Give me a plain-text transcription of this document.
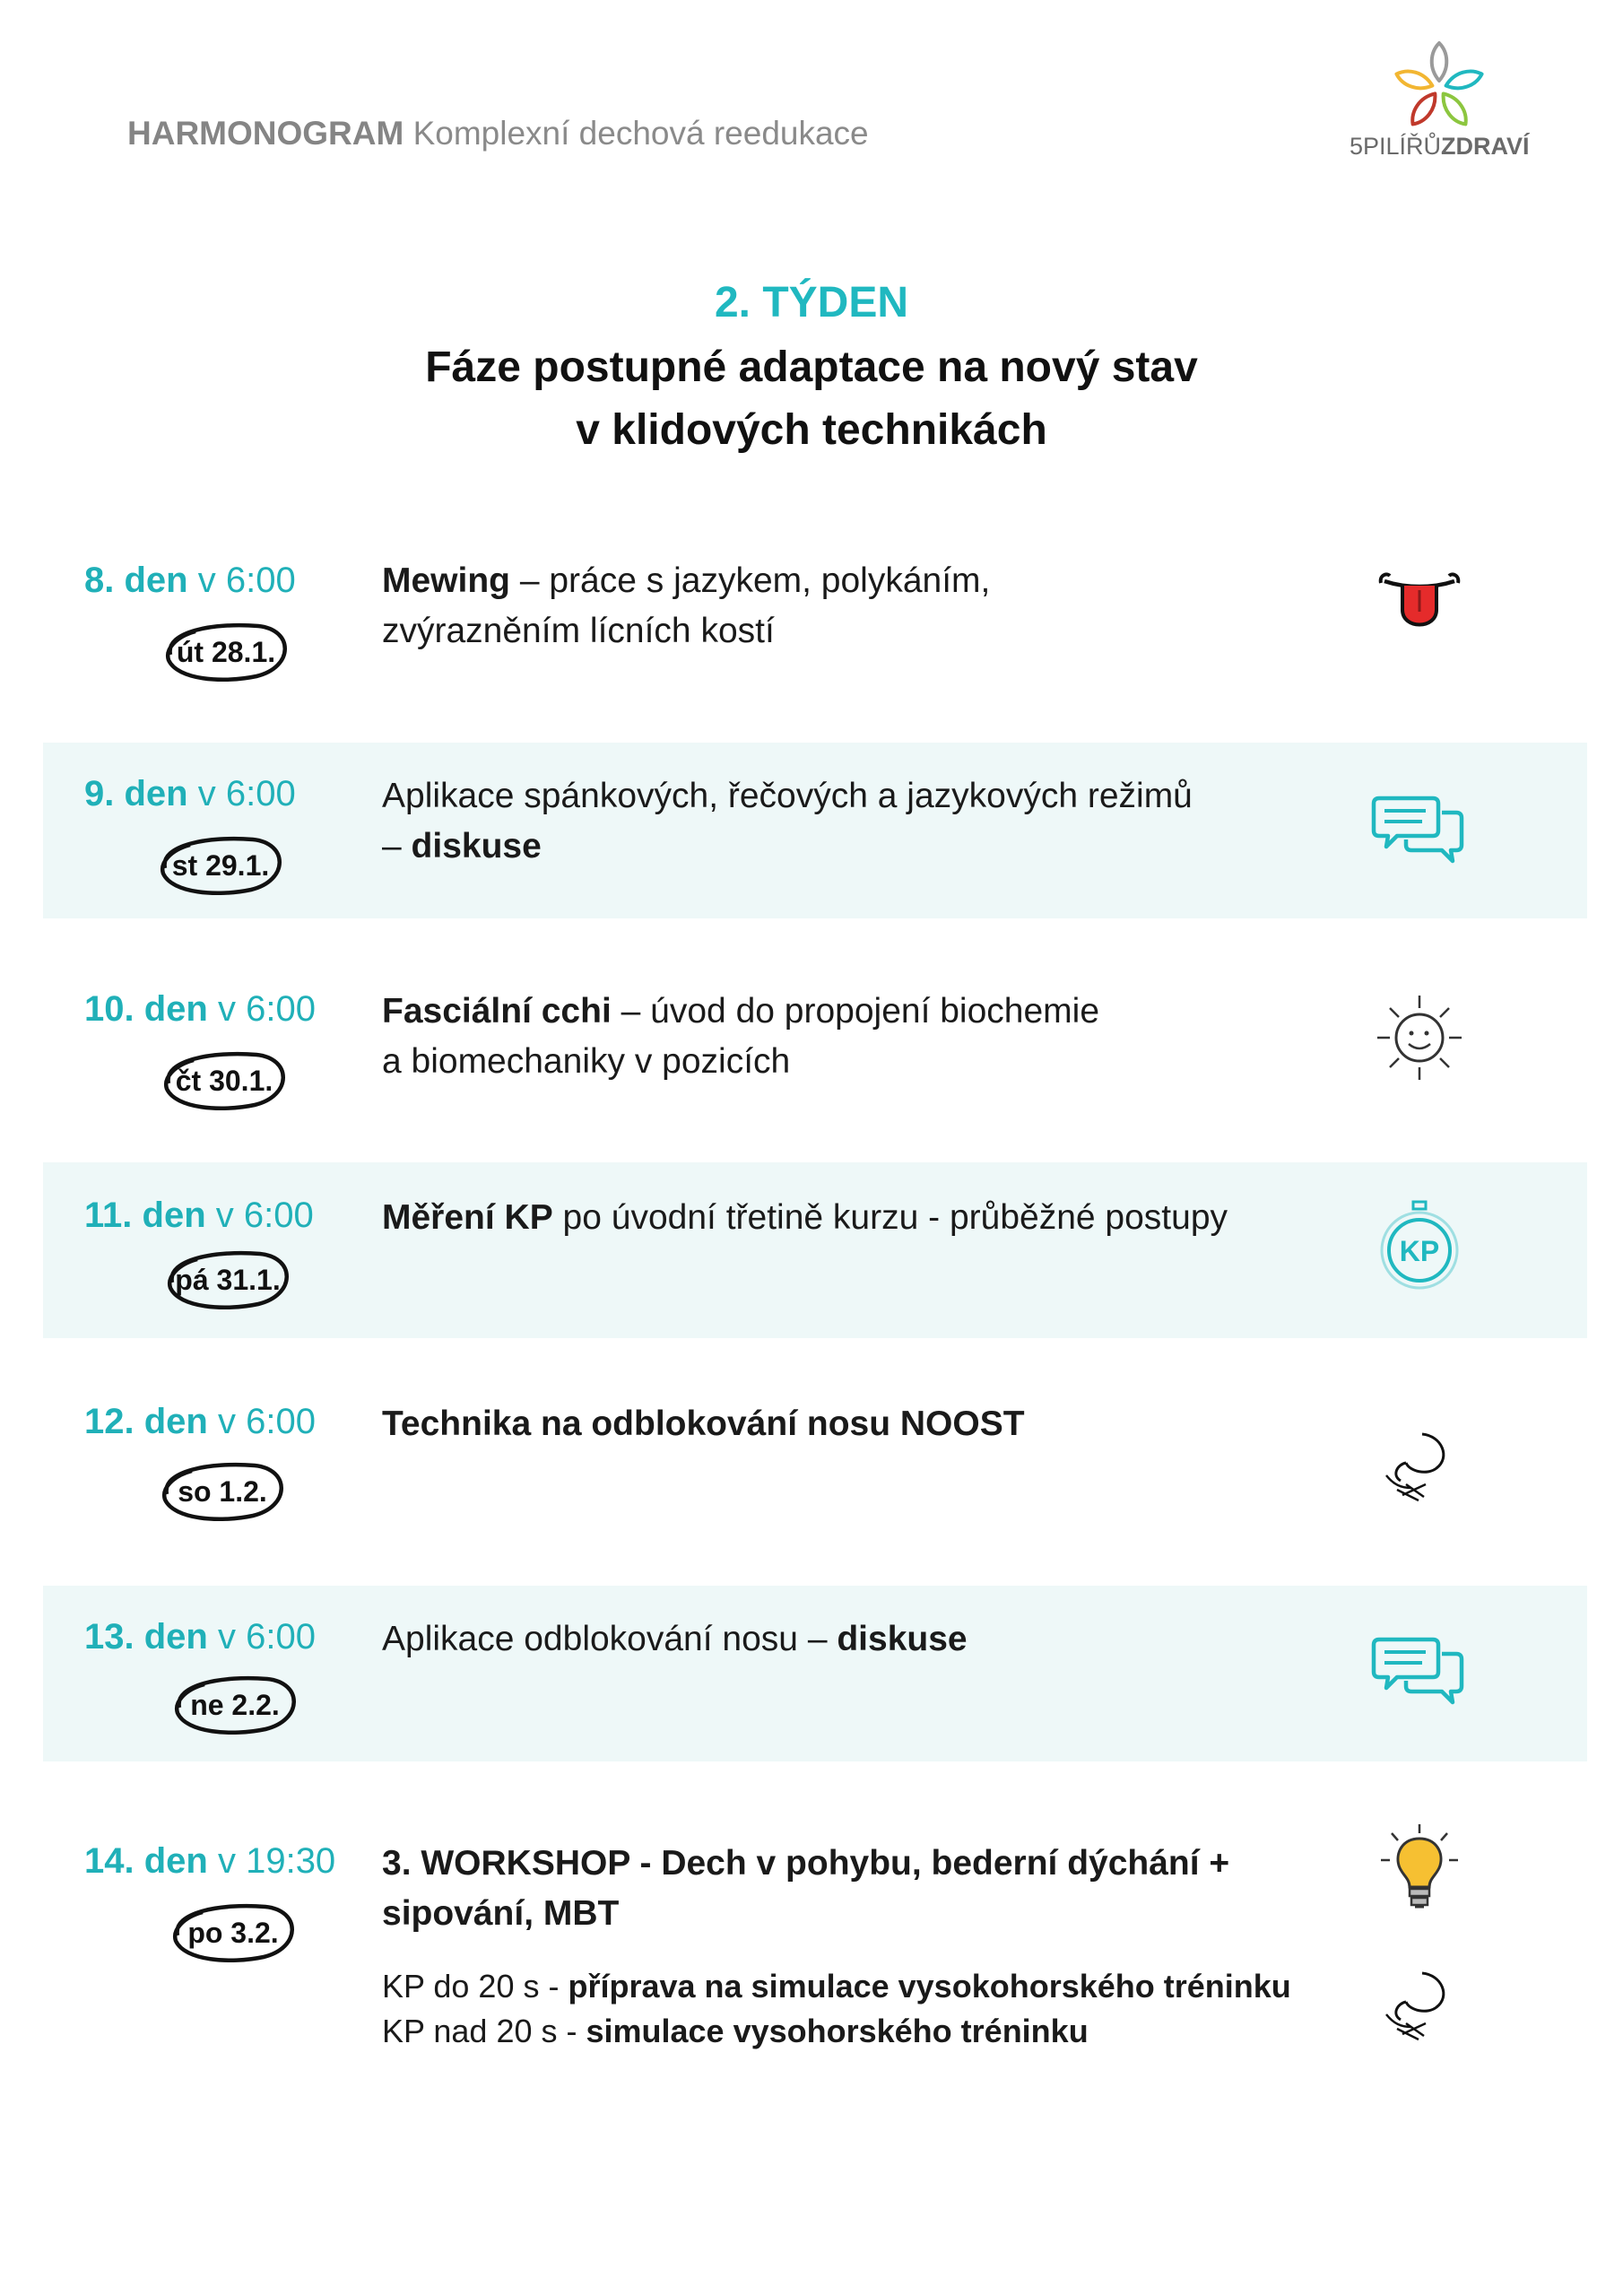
HARMONOGRAM Komplexní dechová reedukace	5PILÍŘŮZDRAVÍ
2. TÝDEN
Fáze postupné adaptace na nový stav
v klidových technikách
8. den v 6:00
út 28.1.
Mewing – práce s jazykem, polykáním,
zvýrazněním lícních kostí
9. den v 6:00
st 29.1.
Aplikace spánkových, řečových a jazykových režimů
– diskuse
10. den v 6:00
čt 30.1.
Fasciální cchi – úvod do propojení biochemie
a biomechaniky v pozicích
11. den v 6:00
pá 31.1.
Měření KP po úvodní třetině kurzu - průběžné postupy
KP
12. den v 6:00
so 1.2.
Technika na odblokování nosu NOOST
13. den v 6:00
ne 2.2.
Aplikace odblokování nosu – diskuse
14. den v 19:30
po 3.2.
3. WORKSHOP - Dech v pohybu, bederní dýchání +
sipování, MBT
KP do 20 s - příprava na simulace vysokohorského tréninku
KP nad 20 s - simulace vysohorského tréninku
